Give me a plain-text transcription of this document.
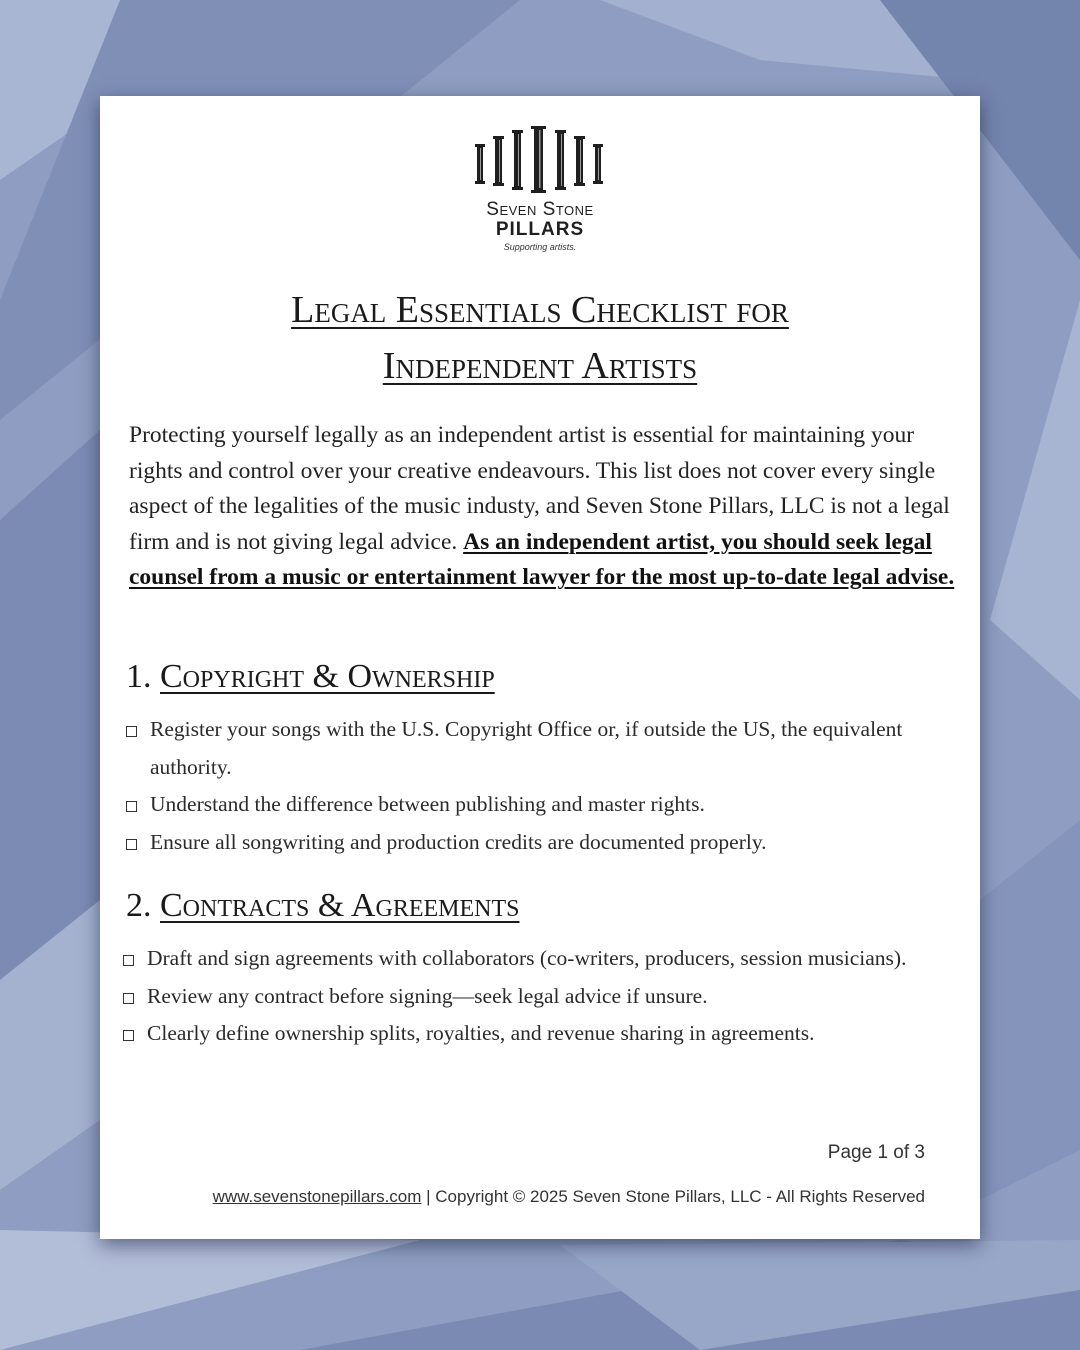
Seven Stone
PILLARS
Supporting artists.
Legal Essentials Checklist for
Independent Artists
Protecting yourself legally as an independent artist is essential for maintaining your rights and control over your creative endeavours. This list does not cover every single aspect of the legalities of the music industy, and Seven Stone Pillars, LLC is not a legal firm and is not giving legal advice. As an independent artist, you should seek legal counsel from a music or entertainment lawyer for the most up-to-date legal advise.
1. Copyright & Ownership
Register your songs with the U.S. Copyright Office or, if outside the US, the equivalent authority.
Understand the difference between publishing and master rights.
Ensure all songwriting and production credits are documented properly.
2. Contracts & Agreements
Draft and sign agreements with collaborators (co-writers, producers, session musicians).
Review any contract before signing—seek legal advice if unsure.
Clearly define ownership splits, royalties, and revenue sharing in agreements.
Page 1 of 3
www.sevenstonepillars.com | Copyright © 2025 Seven Stone Pillars, LLC - All Rights Reserved
